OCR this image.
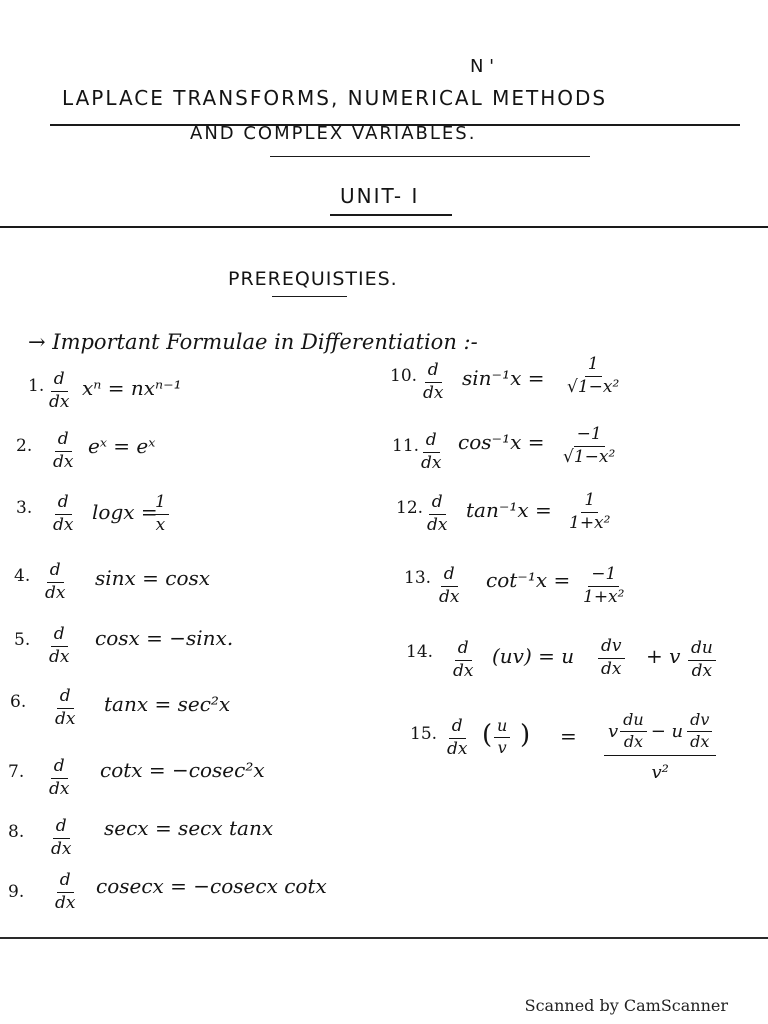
N '
LAPLACE TRANSFORMS, NUMERICAL METHODS
AND COMPLEX VARIABLES.
UNIT- I
PREREQUISTIES.
→ Important Formulae in Differentiation :-
1. $\frac{d}{dx}$ xⁿ = nxⁿ⁻¹
2. $\frac{d}{dx}$ eˣ = eˣ
3. $\frac{d}{dx}$ logx =
$\frac{1}{x}$
4. $\frac{d}{dx}$ sinx = cosx
5. $\frac{d}{dx}$ cosx = −sinx.
6. $\frac{d}{dx}$ tanx = sec²x
7. $\frac{d}{dx}$ cotx = −cosec²x
8. $\frac{d}{dx}$ secx = secx tanx
9. $\frac{d}{dx}$ cosecx = −cosecx cotx
10. $\frac{d}{dx} \sin^{-1}x = \frac{1}{\text{√1−x²}}$
11.
$\frac{d}{dx} \cos^{-1}x = \frac{-1}{\text{√1−x²}}$
12. $\frac{d}{dx} \tan^{-1}x = \frac{1}{\text{1+x²}}$
13. $\frac{d}{dx} \cot^{-1}x = \frac{-1}{\text{1+x²}}$
14. $\frac{d}{dx} (uv) = u \frac{dv}{dx} + v \frac{du}{dx}$
15. $\frac{d}{dx}$ ( $\frac{u}{v}$ ) = v $\frac{du}{dx} - u \frac{dv}{dx}$
v²
Scanned by CamScanner
